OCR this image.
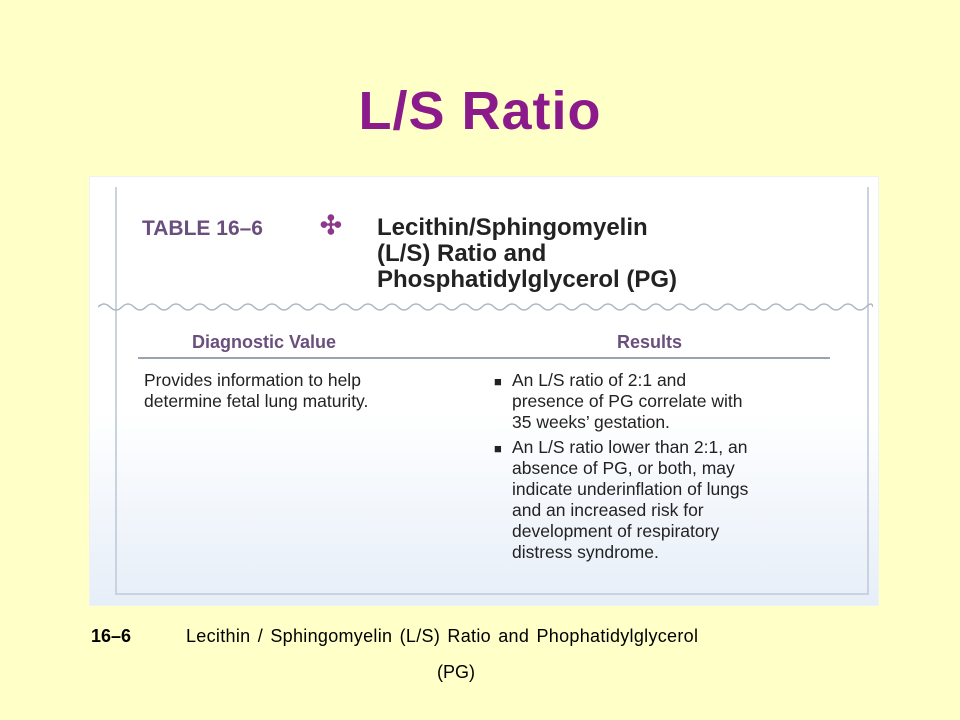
L/S Ratio
TABLE 16–6 ✣ Lecithin/Sphingomyelin
(L/S) Ratio and
Phosphatidylglycerol (PG)
Diagnostic Value	Results
Provides information to help
determine fetal lung maturity.
■ An L/S ratio of 2:1 and
presence of PG correlate with
35 weeks’ gestation.
■ An L/S ratio lower than 2:1, an
absence of PG, or both, may
indicate underinflation of lungs
and an increased risk for
development of respiratory
distress syndrome.
16–6	Lecithin / Sphingomyelin (L/S) Ratio and Phophatidylglycerol
(PG)
